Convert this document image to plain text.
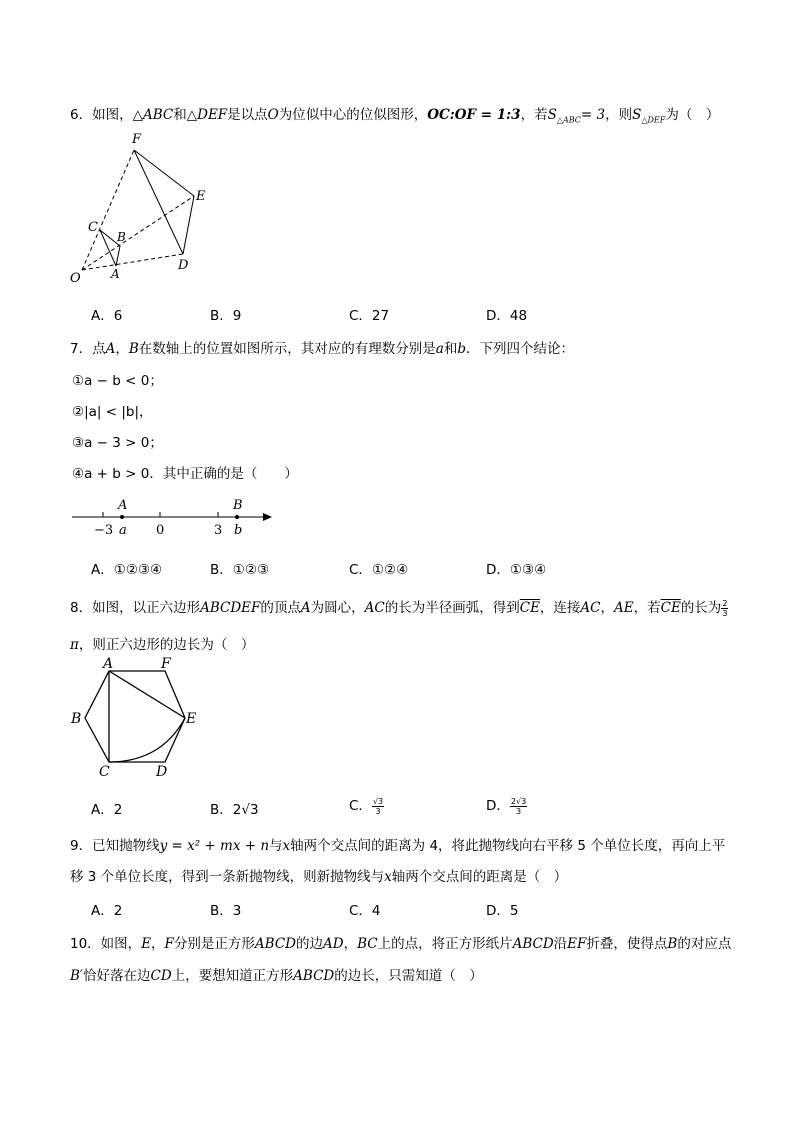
6．如图，△ABC和△DEF是以点O为位似中心的位似图形，OC:OF = 1:3，若$S_{\triangle ABC}= 3$，则$S_{\triangle DEF}$为（　）
F
E
C
B
D
O	A
A．6	B．9	C．27	D．48
7．点A，B在数轴上的位置如图所示，其对应的有理数分别是a和b．下列四个结论：
①a − b < 0；
②|a| < |b|，
③a − 3 > 0；
④a + b > 0．其中正确的是（　　）
A	B
−3 a 0	3 b
A．①②③④	B．①②③	C．①②④	D．①③④
8．如图，以正六边形ABCDEF的顶点A为圆心，AC的长为半径画弧，得到$\overline{CE}$，连接AC，AE，若$\overline{CE}$的长为 $\frac{2}{3}$
π，则正六边形的边长为（　）
A	F
B	E
C	D
A．2	B．2√3	C． $\frac{√3}{3}$	D． $\frac{2√3}{3}$
9．已知抛物线y = x² + mx + n与x轴两个交点间的距离为 4，将此抛物线向右平移 5 个单位长度，再向上平
移 3 个单位长度，得到一条新抛物线，则新抛物线与x轴两个交点间的距离是（　）
A．2	B．3	C．4	D．5
10．如图，E，F分别是正方形ABCD的边AD，BC上的点，将正方形纸片ABCD沿EF折叠，使得点B的对应点
B′恰好落在边CD上，要想知道正方形ABCD的边长，只需知道（　）
